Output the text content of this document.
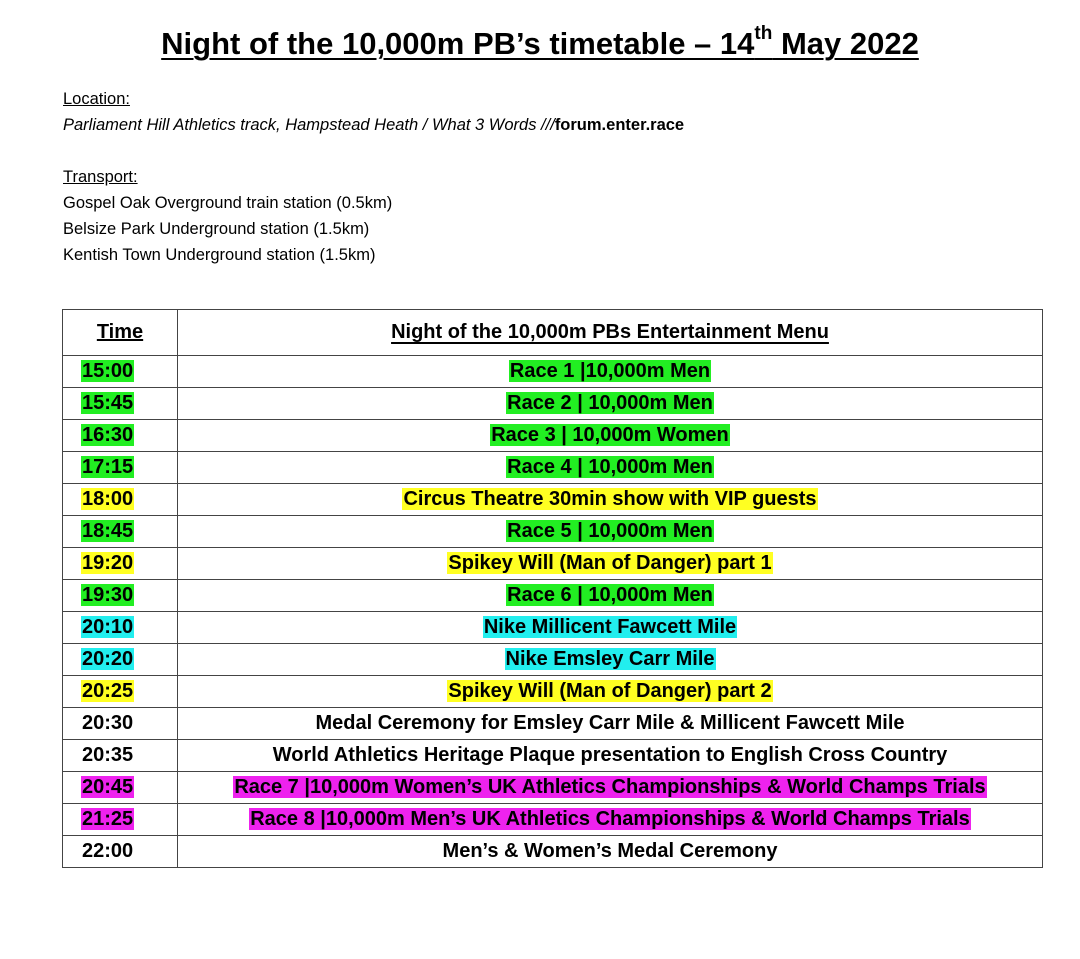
Night of the 10,000m PB’s timetable – 14th May 2022
Location:
Parliament Hill Athletics track, Hampstead Heath / What 3 Words ///forum.enter.race
Transport:
Gospel Oak Overground train station (0.5km)
Belsize Park Underground station (1.5km)
Kentish Town Underground station (1.5km)
Time	Night of the 10,000m PBs Entertainment Menu
15:00	Race 1 |10,000m Men
15:45	Race 2 | 10,000m Men
16:30	Race 3 | 10,000m Women
17:15	Race 4 | 10,000m Men
18:00	Circus Theatre 30min show with VIP guests
18:45	Race 5 | 10,000m Men
19:20	Spikey Will (Man of Danger) part 1
19:30	Race 6 | 10,000m Men
20:10	Nike Millicent Fawcett Mile
20:20	Nike Emsley Carr Mile
20:25	Spikey Will (Man of Danger) part 2
20:30	Medal Ceremony for Emsley Carr Mile & Millicent Fawcett Mile
20:35	World Athletics Heritage Plaque presentation to English Cross Country
20:45	Race 7 |10,000m Women’s UK Athletics Championships & World Champs Trials
21:25	Race 8 |10,000m Men’s UK Athletics Championships & World Champs Trials
22:00	Men’s & Women’s Medal Ceremony
